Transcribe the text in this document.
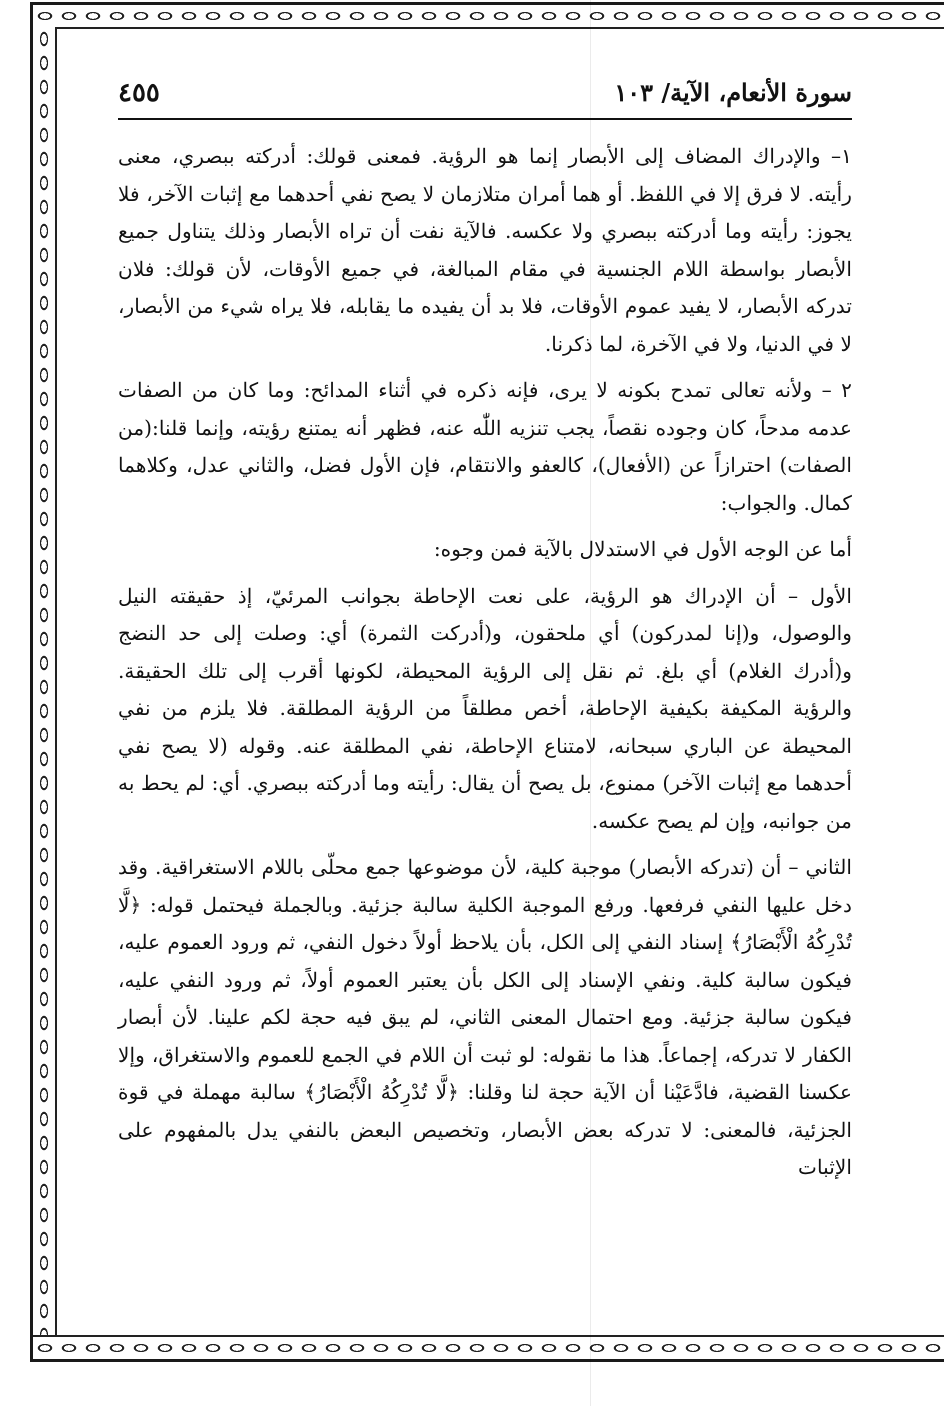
سورة الأنعام، الآية/ ١٠٣
٤٥٥

١– والإدراك المضاف إلى الأبصار إنما هو الرؤية. فمعنى قولك: أدركته ببصري، معنى رأيته. لا فرق إلا في اللفظ. أو هما أمران متلازمان لا يصح نفي أحدهما مع إثبات الآخر، فلا يجوز: رأيته وما أدركته ببصري ولا عكسه. فالآية نفت أن تراه الأبصار وذلك يتناول جميع الأبصار بواسطة اللام الجنسية في مقام المبالغة، في جميع الأوقات، لأن قولك: فلان تدركه الأبصار، لا يفيد عموم الأوقات، فلا بد أن يفيده ما يقابله، فلا يراه شيء من الأبصار، لا في الدنيا، ولا في الآخرة، لما ذكرنا.

٢ – ولأنه تعالى تمدح بكونه لا يرى، فإنه ذكره في أثناء المدائح: وما كان من الصفات عدمه مدحاً، كان وجوده نقصاً، يجب تنزيه اللّٰه عنه، فظهر أنه يمتنع رؤيته، وإنما قلنا:(من الصفات) احترازاً عن (الأفعال)، كالعفو والانتقام، فإن الأول فضل، والثاني عدل، وكلاهما كمال. والجواب:

أما عن الوجه الأول في الاستدلال بالآية فمن وجوه:

الأول – أن الإدراك هو الرؤية، على نعت الإحاطة بجوانب المرئيّ، إذ حقيقته النيل والوصول، و(إنا لمدركون) أي ملحقون، و(أدركت الثمرة) أي: وصلت إلى حد النضج و(أدرك الغلام) أي بلغ. ثم نقل إلى الرؤية المحيطة، لكونها أقرب إلى تلك الحقيقة. والرؤية المكيفة بكيفية الإحاطة، أخص مطلقاً من الرؤية المطلقة. فلا يلزم من نفي المحيطة عن الباري سبحانه، لامتناع الإحاطة، نفي المطلقة عنه. وقوله (لا يصح نفي أحدهما مع إثبات الآخر) ممنوع، بل يصح أن يقال: رأيته وما أدركته ببصري. أي: لم يحط به من جوانبه، وإن لم يصح عكسه.

الثاني – أن (تدركه الأبصار) موجبة كلية، لأن موضوعها جمع محلّى باللام الاستغراقية. وقد دخل عليها النفي فرفعها. ورفع الموجبة الكلية سالبة جزئية. وبالجملة فيحتمل قوله: ﴿لَّا تُدْرِكُهُ الْأَبْصَارُ﴾ إسناد النفي إلى الكل، بأن يلاحظ أولاً دخول النفي، ثم ورود العموم عليه، فيكون سالبة كلية. ونفي الإسناد إلى الكل بأن يعتبر العموم أولاً، ثم ورود النفي عليه، فيكون سالبة جزئية. ومع احتمال المعنى الثاني، لم يبق فيه حجة لكم علينا. لأن أبصار الكفار لا تدركه، إجماعاً. هذا ما نقوله: لو ثبت أن اللام في الجمع للعموم والاستغراق، وإلا عكسنا القضية، فادَّعَيْنا أن الآية حجة لنا وقلنا: ﴿لَّا تُدْرِكُهُ الْأَبْصَارُ﴾ سالبة مهملة في قوة الجزئية، فالمعنى: لا تدركه بعض الأبصار، وتخصيص البعض بالنفي يدل بالمفهوم على الإثبات
